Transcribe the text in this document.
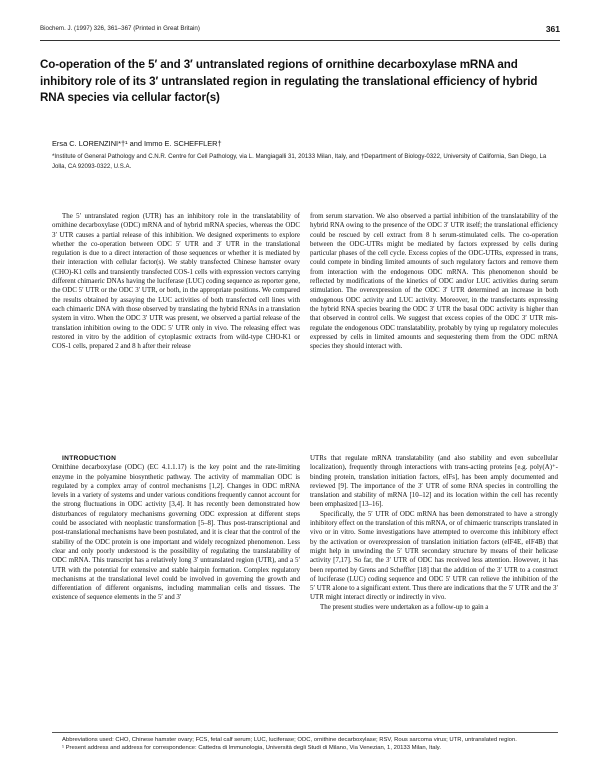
Biochem. J. (1997) 326, 361–367 (Printed in Great Britain)	361
Co-operation of the 5′ and 3′ untranslated regions of ornithine decarboxylase mRNA and inhibitory role of its 3′ untranslated region in regulating the translational efficiency of hybrid RNA species via cellular factor(s)
Ersa C. LORENZINI*†¹ and Immo E. SCHEFFLER†
*Institute of General Pathology and C.N.R. Centre for Cell Pathology, via L. Mangiagalli 31, 20133 Milan, Italy, and †Department of Biology-0322, University of California, San Diego, La Jolla, CA 92093-0322, U.S.A.

The 5′ untranslated region (UTR) has an inhibitory role in the translatability of ornithine decarboxylase (ODC) mRNA and of hybrid mRNA species, whereas the ODC 3′ UTR causes a partial release of this inhibition. We designed experiments to explore whether the co-operation between ODC 5′ UTR and 3′ UTR in the translational regulation is due to a direct interaction of those sequences or whether it is mediated by their interaction with cellular factor(s). We stably transfected Chinese hamster ovary (CHO)-K1 cells and transiently transfected COS-1 cells with expression vectors carrying different chimaeric DNAs having the luciferase (LUC) coding sequence as reporter gene, the ODC 5′ UTR or the ODC 3′ UTR, or both, in the appropriate positions. We compared the results obtained by assaying the LUC activities of both transfected cell lines with each chimaeric DNA with those observed by translating the hybrid RNAs in a translation system in vitro. When the ODC 3′ UTR was present, we observed a partial release of the translation inhibition owing to the ODC 5′ UTR only in vivo. The releasing effect was restored in vitro by the addition of cytoplasmic extracts from wild-type CHO-K1 or COS-1 cells, prepared 2 and 8 h after their release

from serum starvation. We also observed a partial inhibition of the translatability of the hybrid RNA owing to the presence of the ODC 3′ UTR itself; the translational efficiency could be rescued by cell extract from 8 h serum-stimulated cells. The co-operation between the ODC-UTRs might be mediated by factors expressed by cells during particular phases of the cell cycle. Excess copies of the ODC-UTRs, expressed in trans, could compete in binding limited amounts of such regulatory factors and remove them from interaction with the endogenous ODC mRNA. This phenomenon should be reflected by modifications of the kinetics of ODC and/or LUC activities during serum stimulation. The overexpression of the ODC 3′ UTR determined an increase in both endogenous ODC activity and LUC activity. Moreover, in the transfectants expressing the hybrid RNA species bearing the ODC 3′ UTR the basal ODC activity is higher than that observed in control cells. We suggest that excess copies of the ODC 3′ UTR mis-regulate the endogenous ODC translatability, probably by tying up regulatory molecules expressed by cells in limited amounts and sequestering them from the ODC mRNA species they should interact with.

INTRODUCTION

Ornithine decarboxylase (ODC) (EC 4.1.1.17) is the key point and the rate-limiting enzyme in the polyamine biosynthetic pathway. The activity of mammalian ODC is regulated by a complex array of control mechanisms [1,2]. Changes in ODC mRNA levels in a variety of systems and under various conditions frequently cannot account for the strong fluctuations in ODC activity [3,4]. It has recently been demonstrated how disturbances of regulatory mechanisms governing ODC expression at different steps could be associated with neoplastic transformation [5–8]. Thus post-transcriptional and post-translational mechanisms have been postulated, and it is clear that the control of the stability of the ODC protein is one important and widely recognized phenomenon. Less clear and only poorly understood is the possibility of regulating the translatability of ODC mRNA. This transcript has a relatively long 3′ untranslated region (UTR), and a 5′ UTR with the potential for extensive and stable hairpin formation. Complex regulatory mechanisms at the translational level could be involved in governing the growth and differentiation of different organisms, including mammalian cells and tissues. The existence of sequence elements in the 5′ and 3′

UTRs that regulate mRNA translatability (and also stability and even subcellular localization), frequently through interactions with trans-acting proteins [e.g. poly(A)⁺-binding protein, translation initiation factors, eIFs], has been amply documented and reviewed [9]. The importance of the 3′ UTR of some RNA species in controlling the translation and stability of mRNA [10–12] and its location within the cell has recently been emphasized [13–16].

Specifically, the 5′ UTR of ODC mRNA has been demonstrated to have a strongly inhibitory effect on the translation of this mRNA, or of chimaeric transcripts translated in vivo or in vitro. Some investigations have attempted to overcome this inhibitory effect by the activation or overexpression of translation initiation factors (eIF4E, eIF4B) that might help in unwinding the 5′ UTR secondary structure by means of their helicase activity [7,17]. So far, the 3′ UTR of ODC has received less attention. However, it has been reported by Grens and Scheffler [18] that the addition of the 3′ UTR to a construct of luciferase (LUC) coding sequence and ODC 5′ UTR can relieve the inhibition of the 5′ UTR alone to a significant extent. Thus there are indications that the 5′ UTR and the 3′ UTR might interact directly or indirectly in vivo.

The present studies were undertaken as a follow-up to gain a

Abbreviations used: CHO, Chinese hamster ovary; FCS, fetal calf serum; LUC, luciferase; ODC, ornithine decarboxylase; RSV, Rous sarcoma virus; UTR, untranslated region.

¹ Present address and address for correspondence: Cattedra di Immunologia, Università degli Studi di Milano, Via Venezian, 1, 20133 Milan, Italy.
